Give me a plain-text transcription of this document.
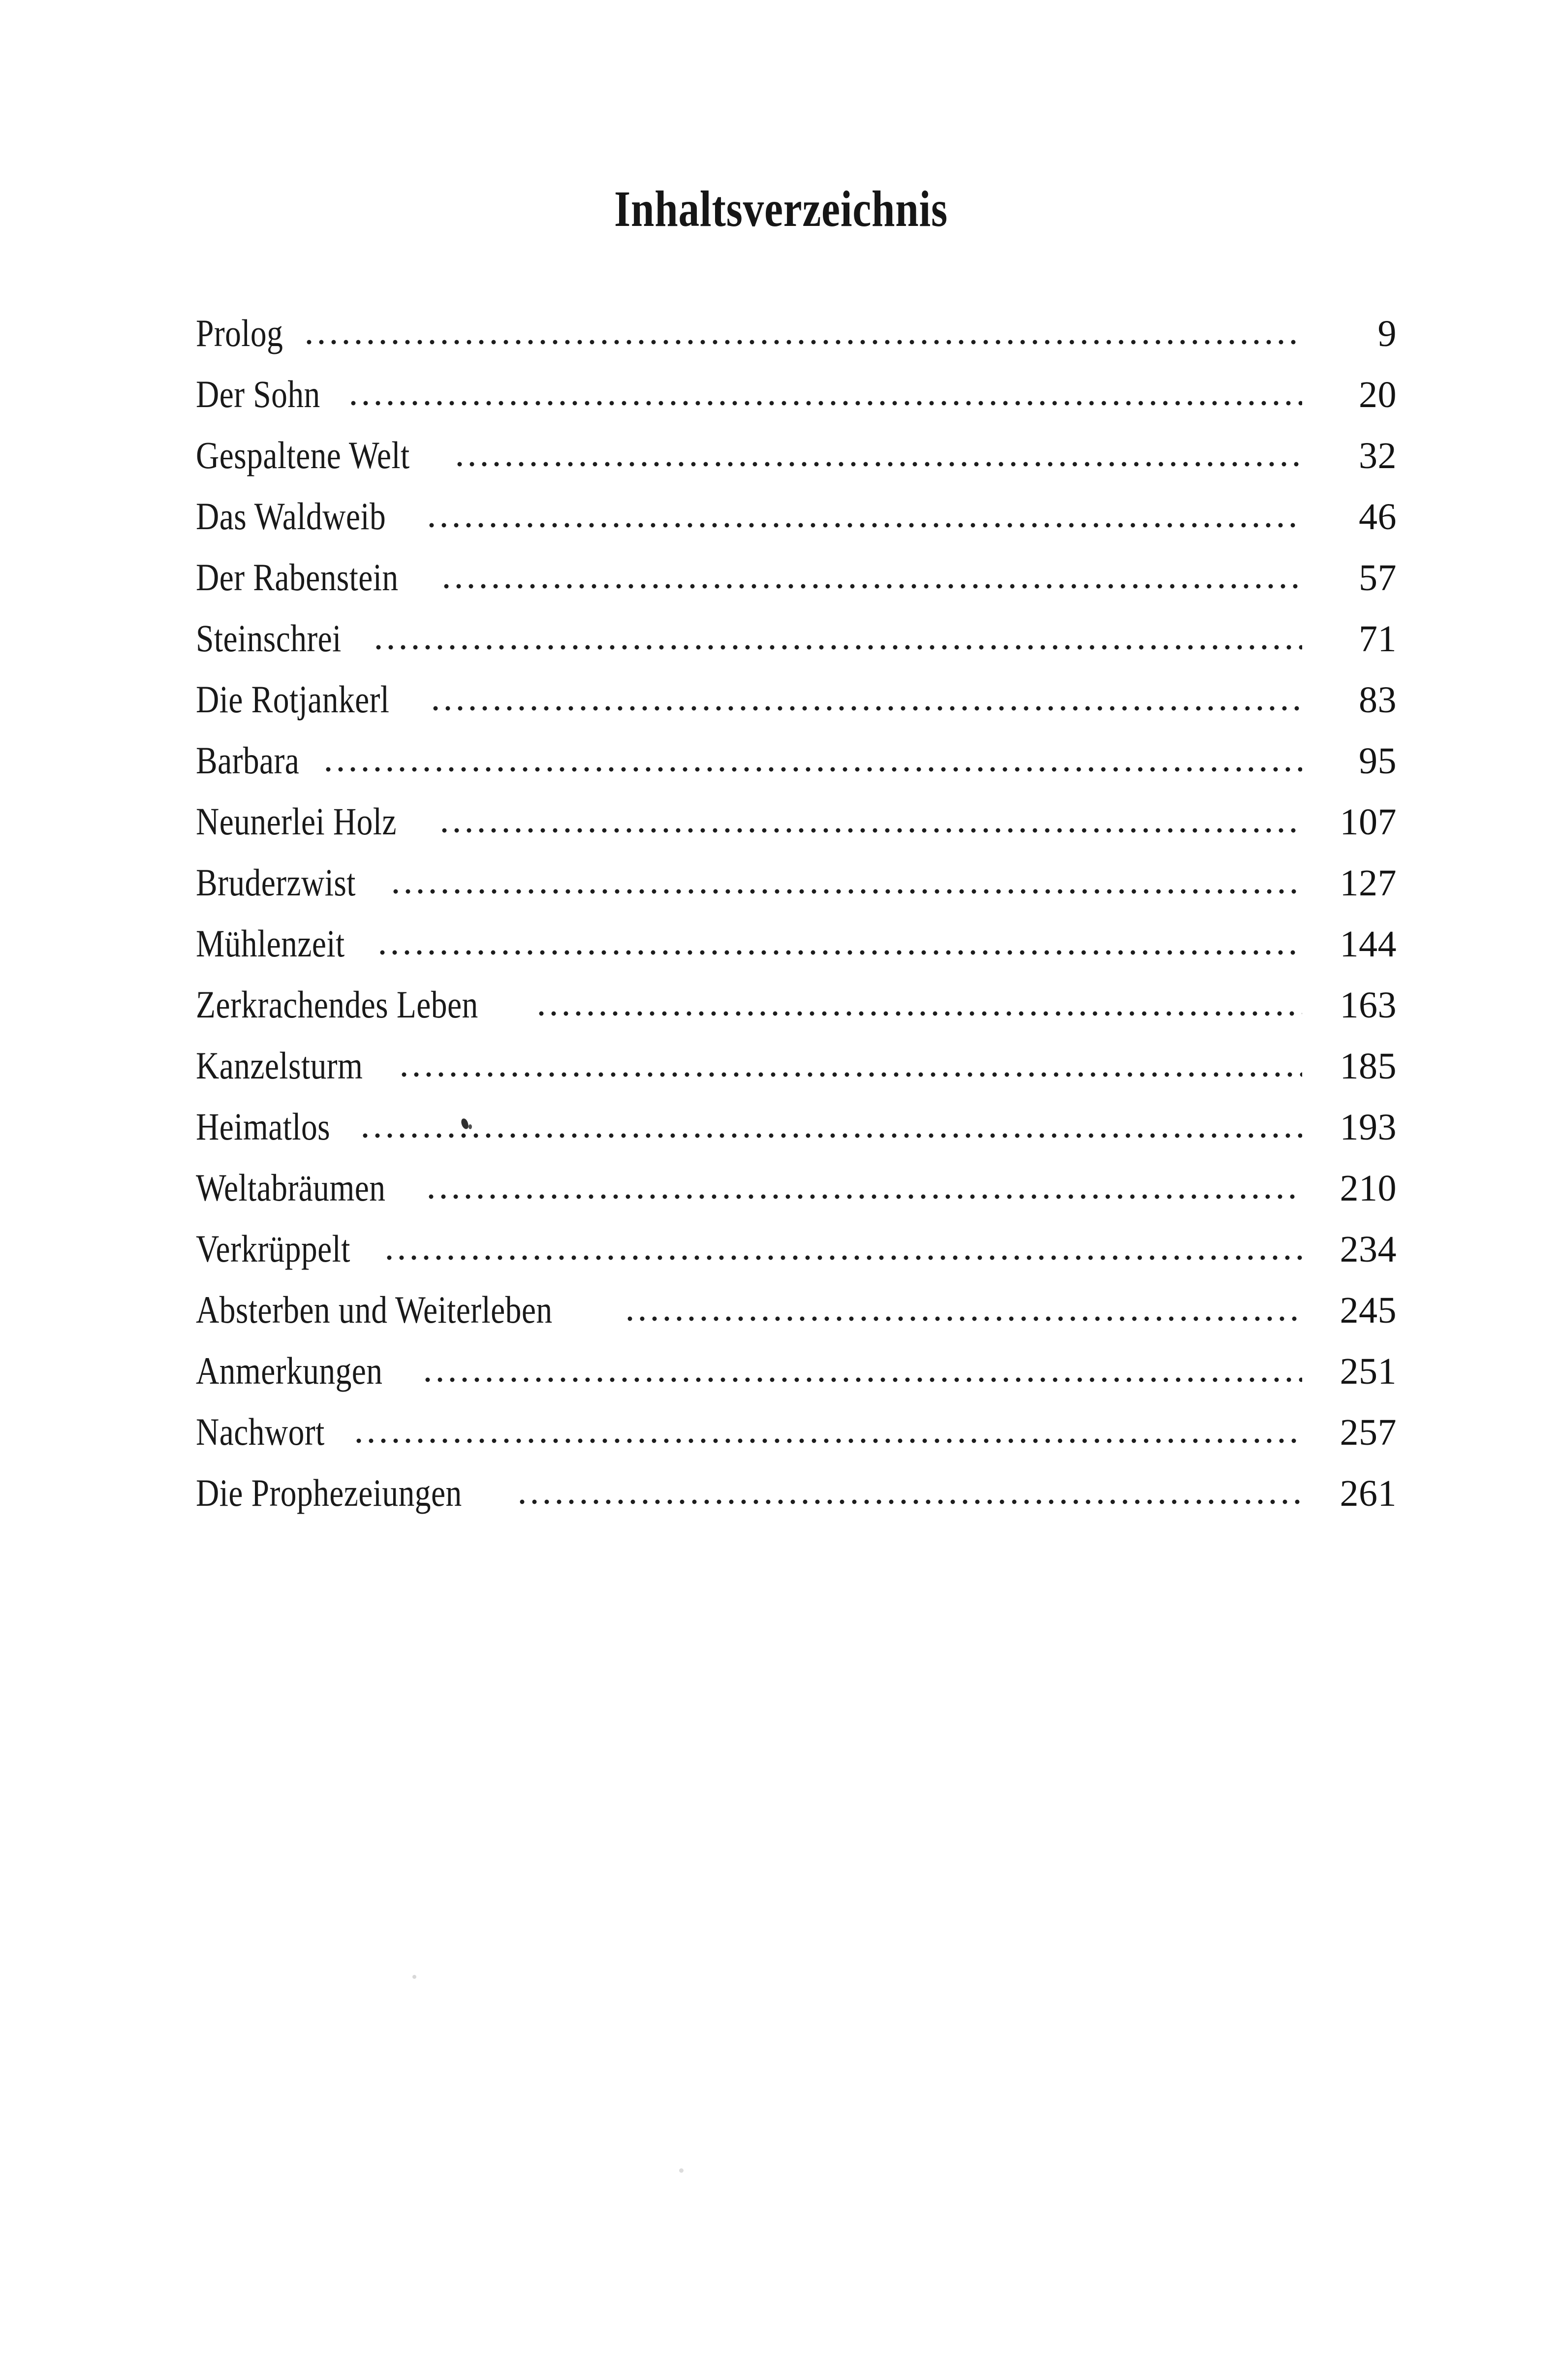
Inhaltsverzeichnis
Prolog	9
Der Sohn	20
Gespaltene Welt	32
Das Waldweib	46
Der Rabenstein	57
Steinschrei	71
Die Rotjankerl	83
Barbara	95
Neunerlei Holz	107
Bruderzwist	127
Mühlenzeit	144
Zerkrachendes Leben	163
Kanzelsturm	185
Heimatlos	193
Weltabräumen	210
Verkrüppelt	234
Absterben und Weiterleben	245
Anmerkungen	251
Nachwort	257
Die Prophezeiungen	261
